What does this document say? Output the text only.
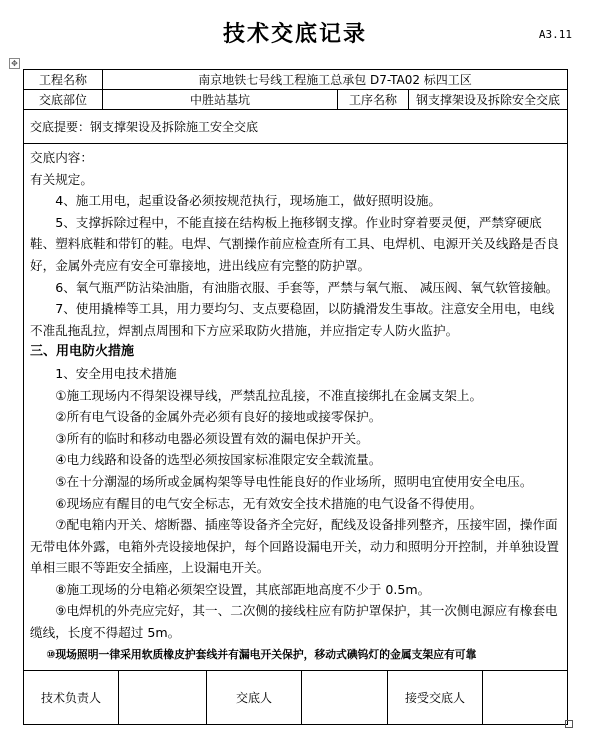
技术交底记录	A3.11
✥
工程名称	南京地铁七号线工程施工总承包 D7-TA02 标四工区
交底部位	中胜站基坑	工序名称	钢支撑架设及拆除安全交底
交底提要：钢支撑架设及拆除施工安全交底

交底内容：

有关规定。

4、施工用电，起重设备必须按规范执行，现场施工，做好照明设施。

5、支撑拆除过程中，不能直接在结构板上拖移钢支撑。作业时穿着要灵便，严禁穿硬底鞋、塑料底鞋和带钉的鞋。电焊、气割操作前应检查所有工具、电焊机、电源开关及线路是否良好，金属外壳应有安全可靠接地，进出线应有完整的防护罩。

6、氧气瓶严防沾染油脂，有油脂衣服、手套等，严禁与氧气瓶、 减压阀、氧气软管接触。

7、使用撬棒等工具，用力要均匀、支点要稳固，以防撬滑发生事故。注意安全用电，电线不准乱拖乱拉，焊割点周围和下方应采取防火措施，并应指定专人防火监护。

三、用电防火措施

1、安全用电技术措施

①施工现场内不得架设裸导线，严禁乱拉乱接，不准直接绑扎在金属支架上。

②所有电气设备的金属外壳必须有良好的接地或接零保护。

③所有的临时和移动电器必须设置有效的漏电保护开关。

④电力线路和设备的选型必须按国家标准限定安全载流量。

⑤在十分潮湿的场所或金属构架等导电性能良好的作业场所，照明电宜使用安全电压。

⑥现场应有醒目的电气安全标志，无有效安全技术措施的电气设备不得使用。

⑦配电箱内开关、熔断器、插座等设备齐全完好，配线及设备排列整齐，压接牢固，操作面无带电体外露，电箱外壳设接地保护，每个回路设漏电开关，动力和照明分开控制，并单独设置单相三眼不等距安全插座，上设漏电开关。

⑧施工现场的分电箱必须架空设置，其底部距地高度不少于 0.5m。

⑨电焊机的外壳应完好，其一、二次侧的接线柱应有防护罩保护，其一次侧电源应有橡套电缆线，长度不得超过 5m。

⑩现场照明一律采用软质橡皮护套线并有漏电开关保护，移动式碘钨灯的金属支架应有可靠

技术负责人	交底人	接受交底人
